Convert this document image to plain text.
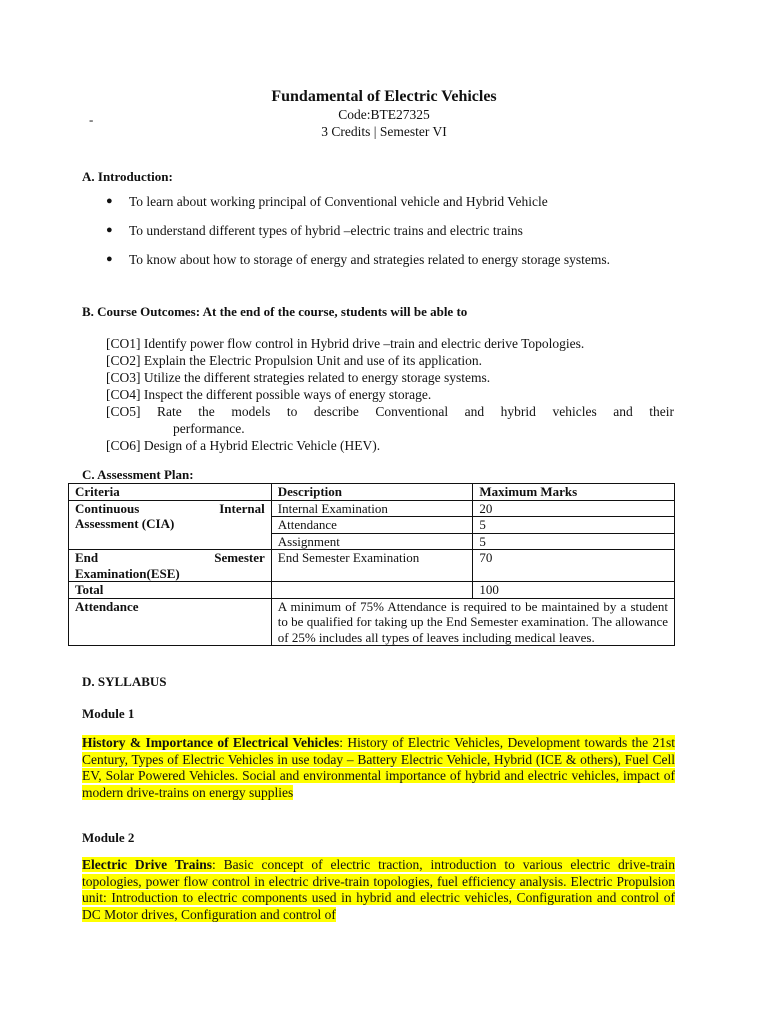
Fundamental of Electric Vehicles
Code:BTE27325
3 Credits | Semester VI
-
A. Introduction:
● To learn about working principal of Conventional vehicle and Hybrid Vehicle
● To understand different types of hybrid –electric trains and electric trains
● To know about how to storage of energy and strategies related to energy storage systems.
B. Course Outcomes: At the end of the course, students will be able to
[CO1] Identify power flow control in Hybrid drive –train and electric derive Topologies.
[CO2] Explain the Electric Propulsion Unit and use of its application.
[CO3] Utilize the different strategies related to energy storage systems.
[CO4] Inspect the different possible ways of energy storage.
[CO5] Rate the models to describe Conventional and hybrid vehicles and their
performance.
[CO6] Design of a Hybrid Electric Vehicle (HEV).
C. Assessment Plan:
Criteria	Description	Maximum Marks

Continuous Internal
Assessment (CIA)	Internal Examination	20
	Attendance	5
	Assignment	5

End Semester
Examination(ESE)	End Semester Examination	70
Total		100
Attendance	A minimum of 75% Attendance is required to be maintained by a student to be qualified for taking up the End Semester examination. The allowance of 25% includes all types of leaves including medical leaves.	
D. SYLLABUS
Module 1
History & Importance of Electrical Vehicles: History of Electric Vehicles, Development towards the 21st Century, Types of Electric Vehicles in use today – Battery Electric Vehicle, Hybrid (ICE & others), Fuel Cell EV, Solar Powered Vehicles. Social and environmental importance of hybrid and electric vehicles, impact of modern drive-trains on energy supplies
Module 2
Electric Drive Trains: Basic concept of electric traction, introduction to various electric drive-train topologies, power flow control in electric drive-train topologies, fuel efficiency analysis. Electric Propulsion unit: Introduction to electric components used in hybrid and electric vehicles, Configuration and control of DC Motor drives, Configuration and control of
